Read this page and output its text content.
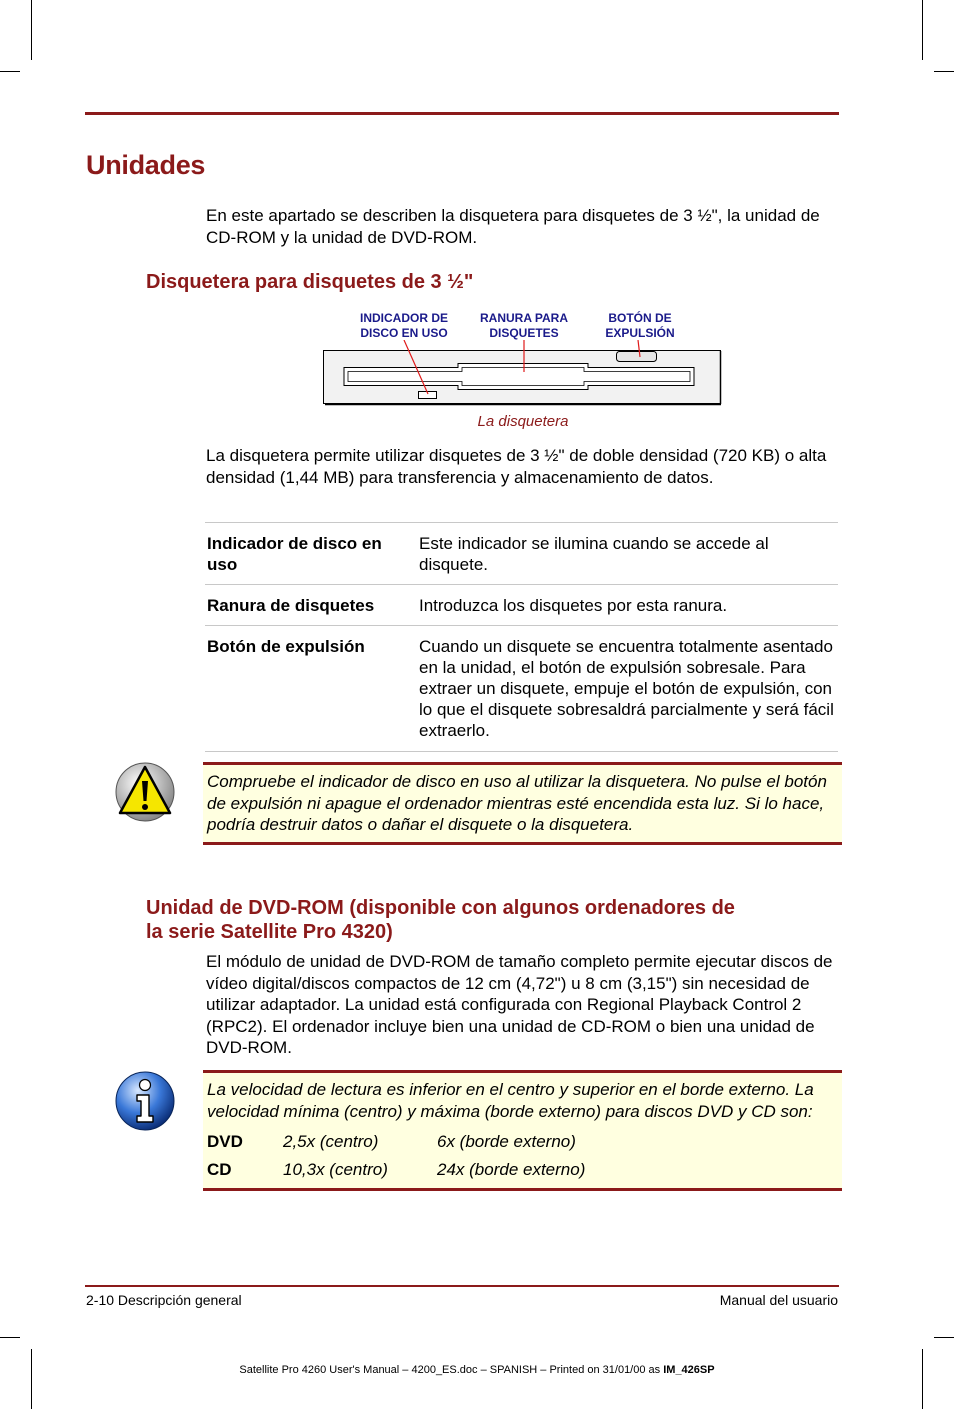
Unidades
En este apartado se describen la disquetera para disquetes de 3 ½", la unidad de CD-ROM y la unidad de DVD-ROM.
Disquetera para disquetes de 3 ½"
INDICADOR DE
DISCO EN USO
RANURA PARA
DISQUETES
BOTÓN DE
EXPULSIÓN
La disquetera
La disquetera permite utilizar disquetes de 3 ½" de doble densidad (720 KB) o alta densidad (1,44 MB) para transferencia y almacenamiento de datos.
Indicador de disco en uso	Este indicador se ilumina cuando se accede al disquete.
Ranura de disquetes	Introduzca los disquetes por esta ranura.
Botón de expulsión	Cuando un disquete se encuentra totalmente asentado en la unidad, el botón de expulsión sobresale. Para extraer un disquete, empuje el botón de expulsión, con lo que el disquete sobresaldrá parcialmente y será fácil extraerlo.
Compruebe el indicador de disco en uso al utilizar la disquetera. No pulse el botón de expulsión ni apague el ordenador mientras esté encendida esta luz. Si lo hace, podría destruir datos o dañar el disquete o la disquetera.
Unidad de DVD-ROM (disponible con algunos ordenadores de
la serie Satellite Pro 4320)
El módulo de unidad de DVD-ROM de tamaño completo permite ejecutar discos de vídeo digital/discos compactos de 12 cm (4,72") u 8 cm (3,15") sin necesidad de utilizar adaptador. La unidad está configurada con Regional Playback Control 2 (RPC2). El ordenador incluye bien una unidad de CD-ROM o bien una unidad de DVD-ROM.
La velocidad de lectura es inferior en el centro y superior en el borde externo. La velocidad mínima (centro) y máxima (borde externo) para discos DVD y CD son:
DVD	2,5x (centro)	6x (borde externo)
CD	10,3x (centro)	24x (borde externo)
2-10 Descripción general	Manual del usuario
Satellite Pro 4260 User's Manual – 4200_ES.doc – SPANISH – Printed on 31/01/00 as IM_426SP
